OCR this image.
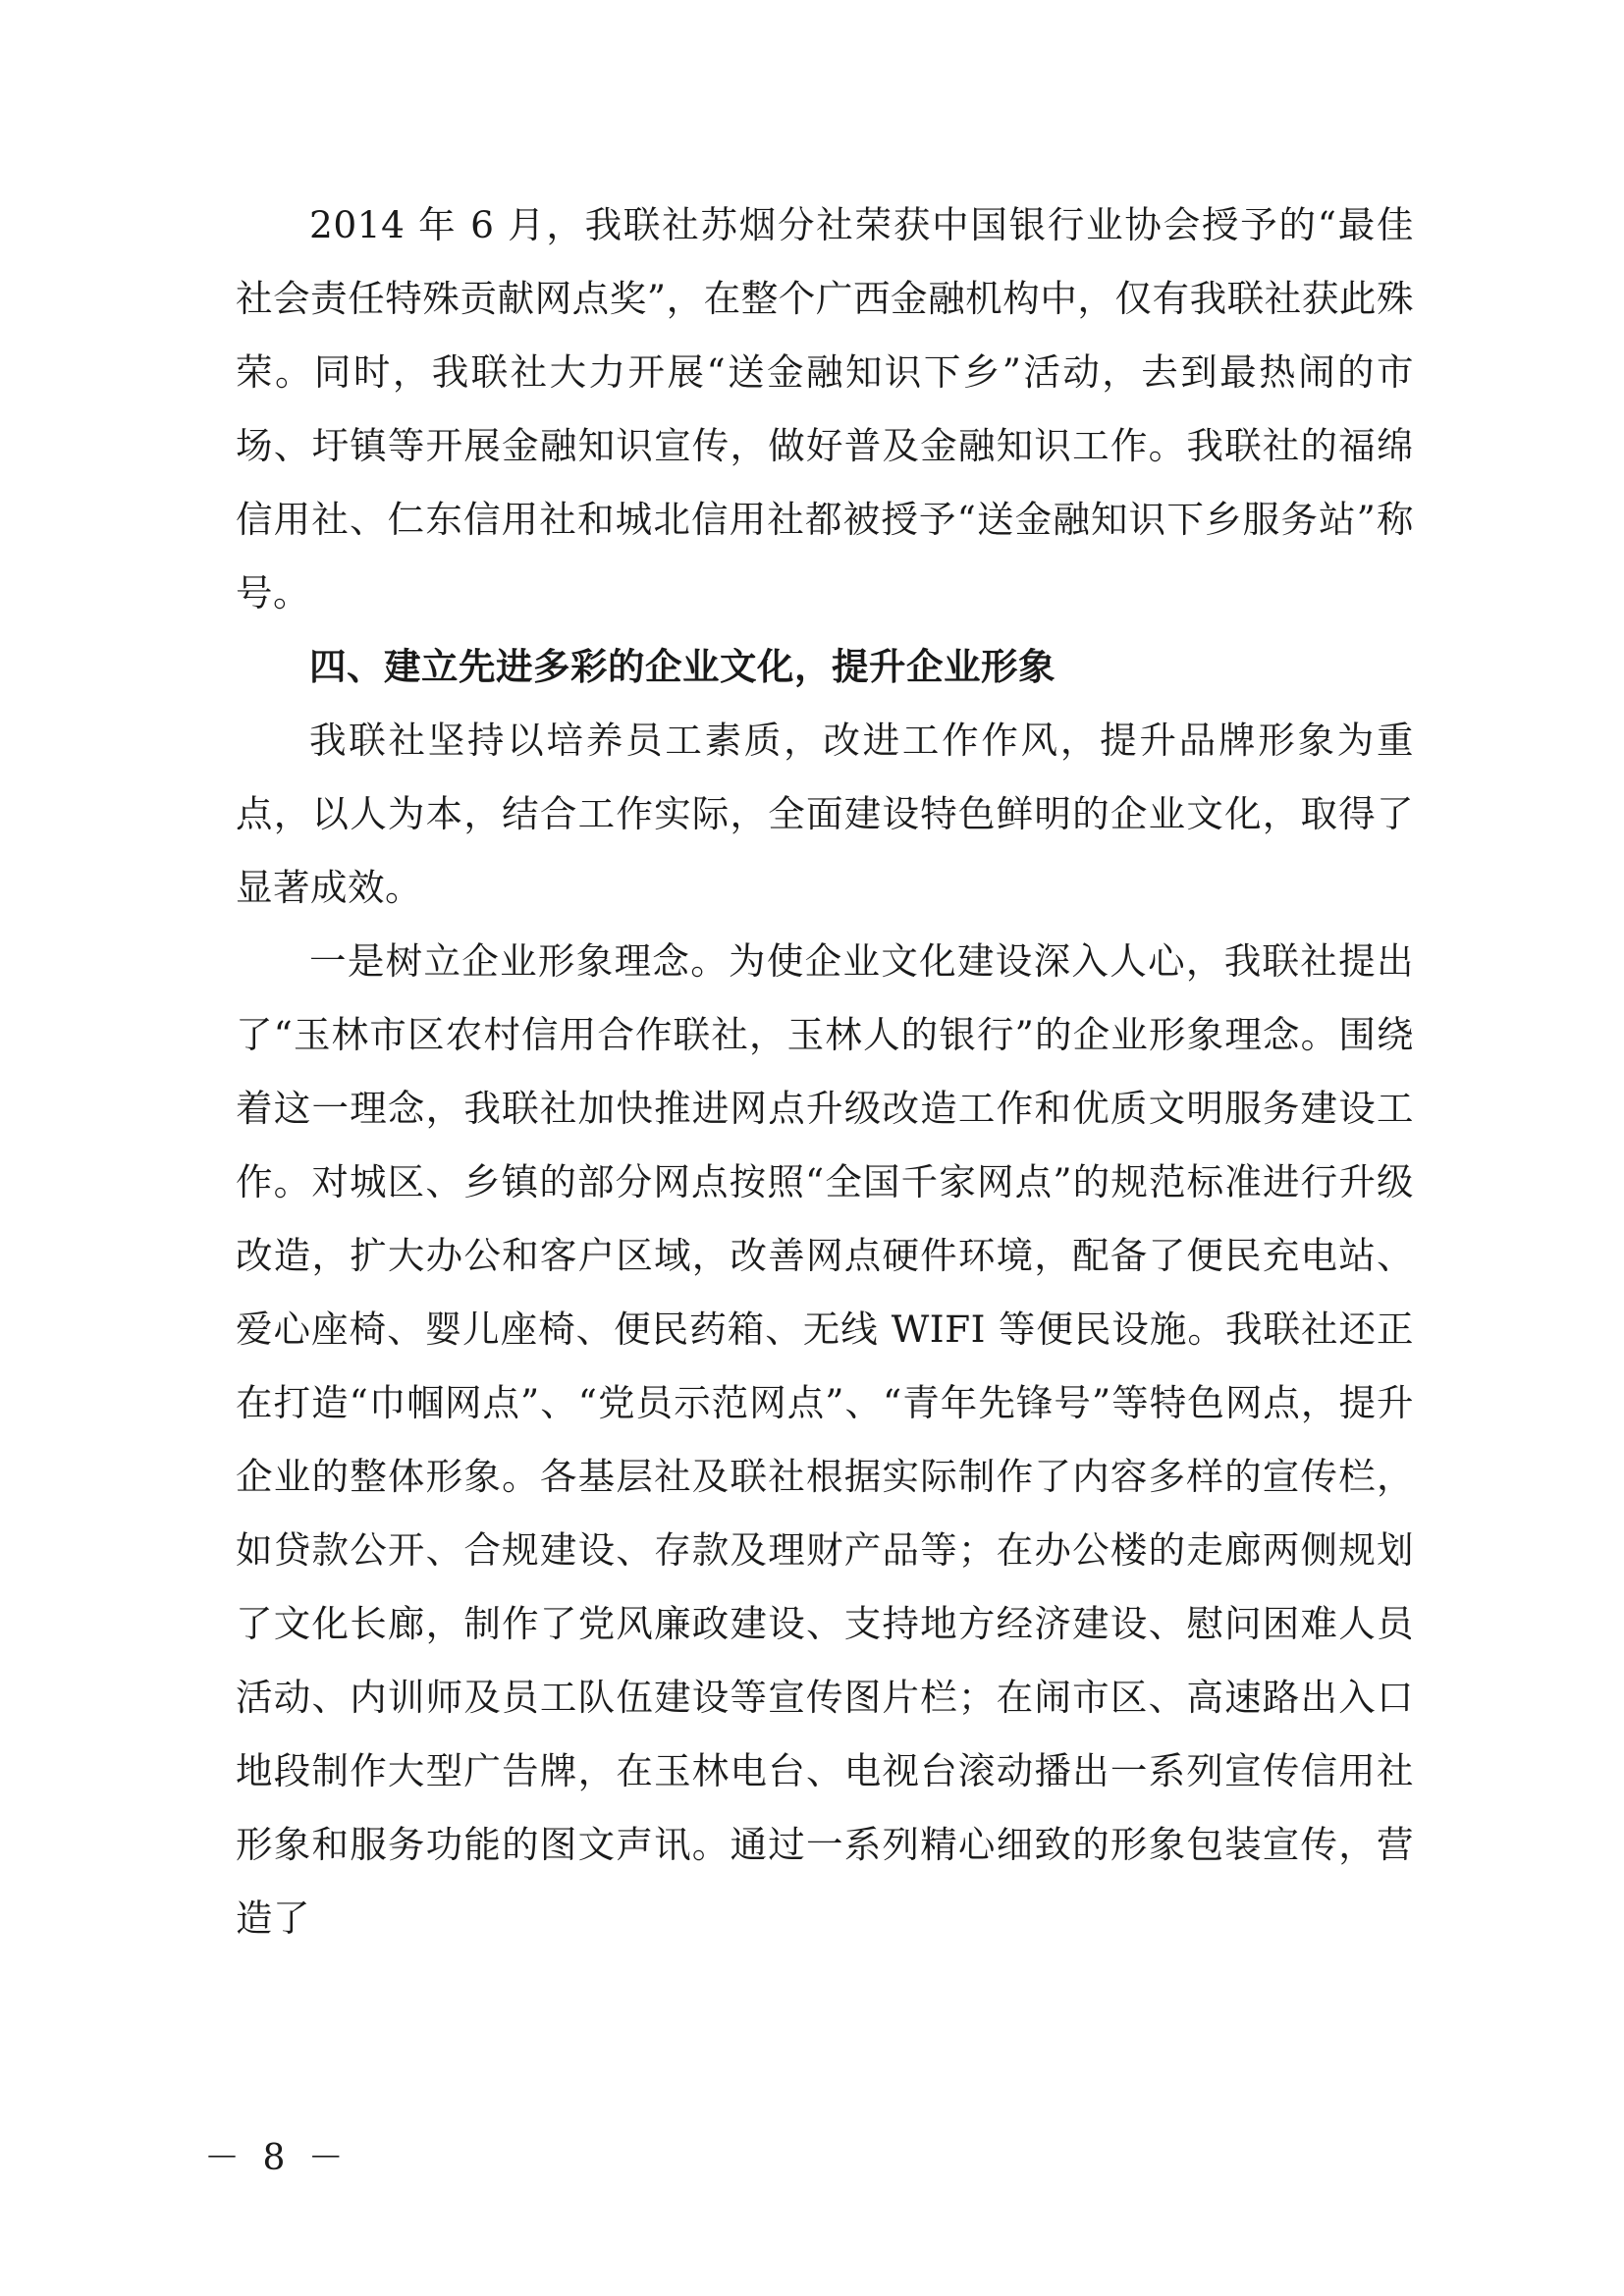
2014 年 6 月，我联社苏烟分社荣获中国银行业协会授予的“最佳社会责任特殊贡献网点奖”，在整个广西金融机构中，仅有我联社获此殊荣。同时，我联社大力开展“送金融知识下乡”活动，去到最热闹的市场、圩镇等开展金融知识宣传，做好普及金融知识工作。我联社的福绵信用社、仁东信用社和城北信用社都被授予“送金融知识下乡服务站”称号。

四、建立先进多彩的企业文化，提升企业形象

我联社坚持以培养员工素质，改进工作作风，提升品牌形象为重点，以人为本，结合工作实际，全面建设特色鲜明的企业文化，取得了显著成效。

一是树立企业形象理念。为使企业文化建设深入人心，我联社提出了“玉林市区农村信用合作联社，玉林人的银行”的企业形象理念。围绕着这一理念，我联社加快推进网点升级改造工作和优质文明服务建设工作。对城区、乡镇的部分网点按照“全国千家网点”的规范标准进行升级改造，扩大办公和客户区域，改善网点硬件环境，配备了便民充电站、爱心座椅、婴儿座椅、便民药箱、无线 WIFI 等便民设施。我联社还正在打造“巾帼网点”、“党员示范网点”、“青年先锋号”等特色网点，提升企业的整体形象。各基层社及联社根据实际制作了内容多样的宣传栏，如贷款公开、合规建设、存款及理财产品等；在办公楼的走廊两侧规划了文化长廊，制作了党风廉政建设、支持地方经济建设、慰问困难人员活动、内训师及员工队伍建设等宣传图片栏；在闹市区、高速路出入口地段制作大型广告牌，在玉林电台、电视台滚动播出一系列宣传信用社形象和服务功能的图文声讯。通过一系列精心细致的形象包装宣传，营造了

－ 8 －
